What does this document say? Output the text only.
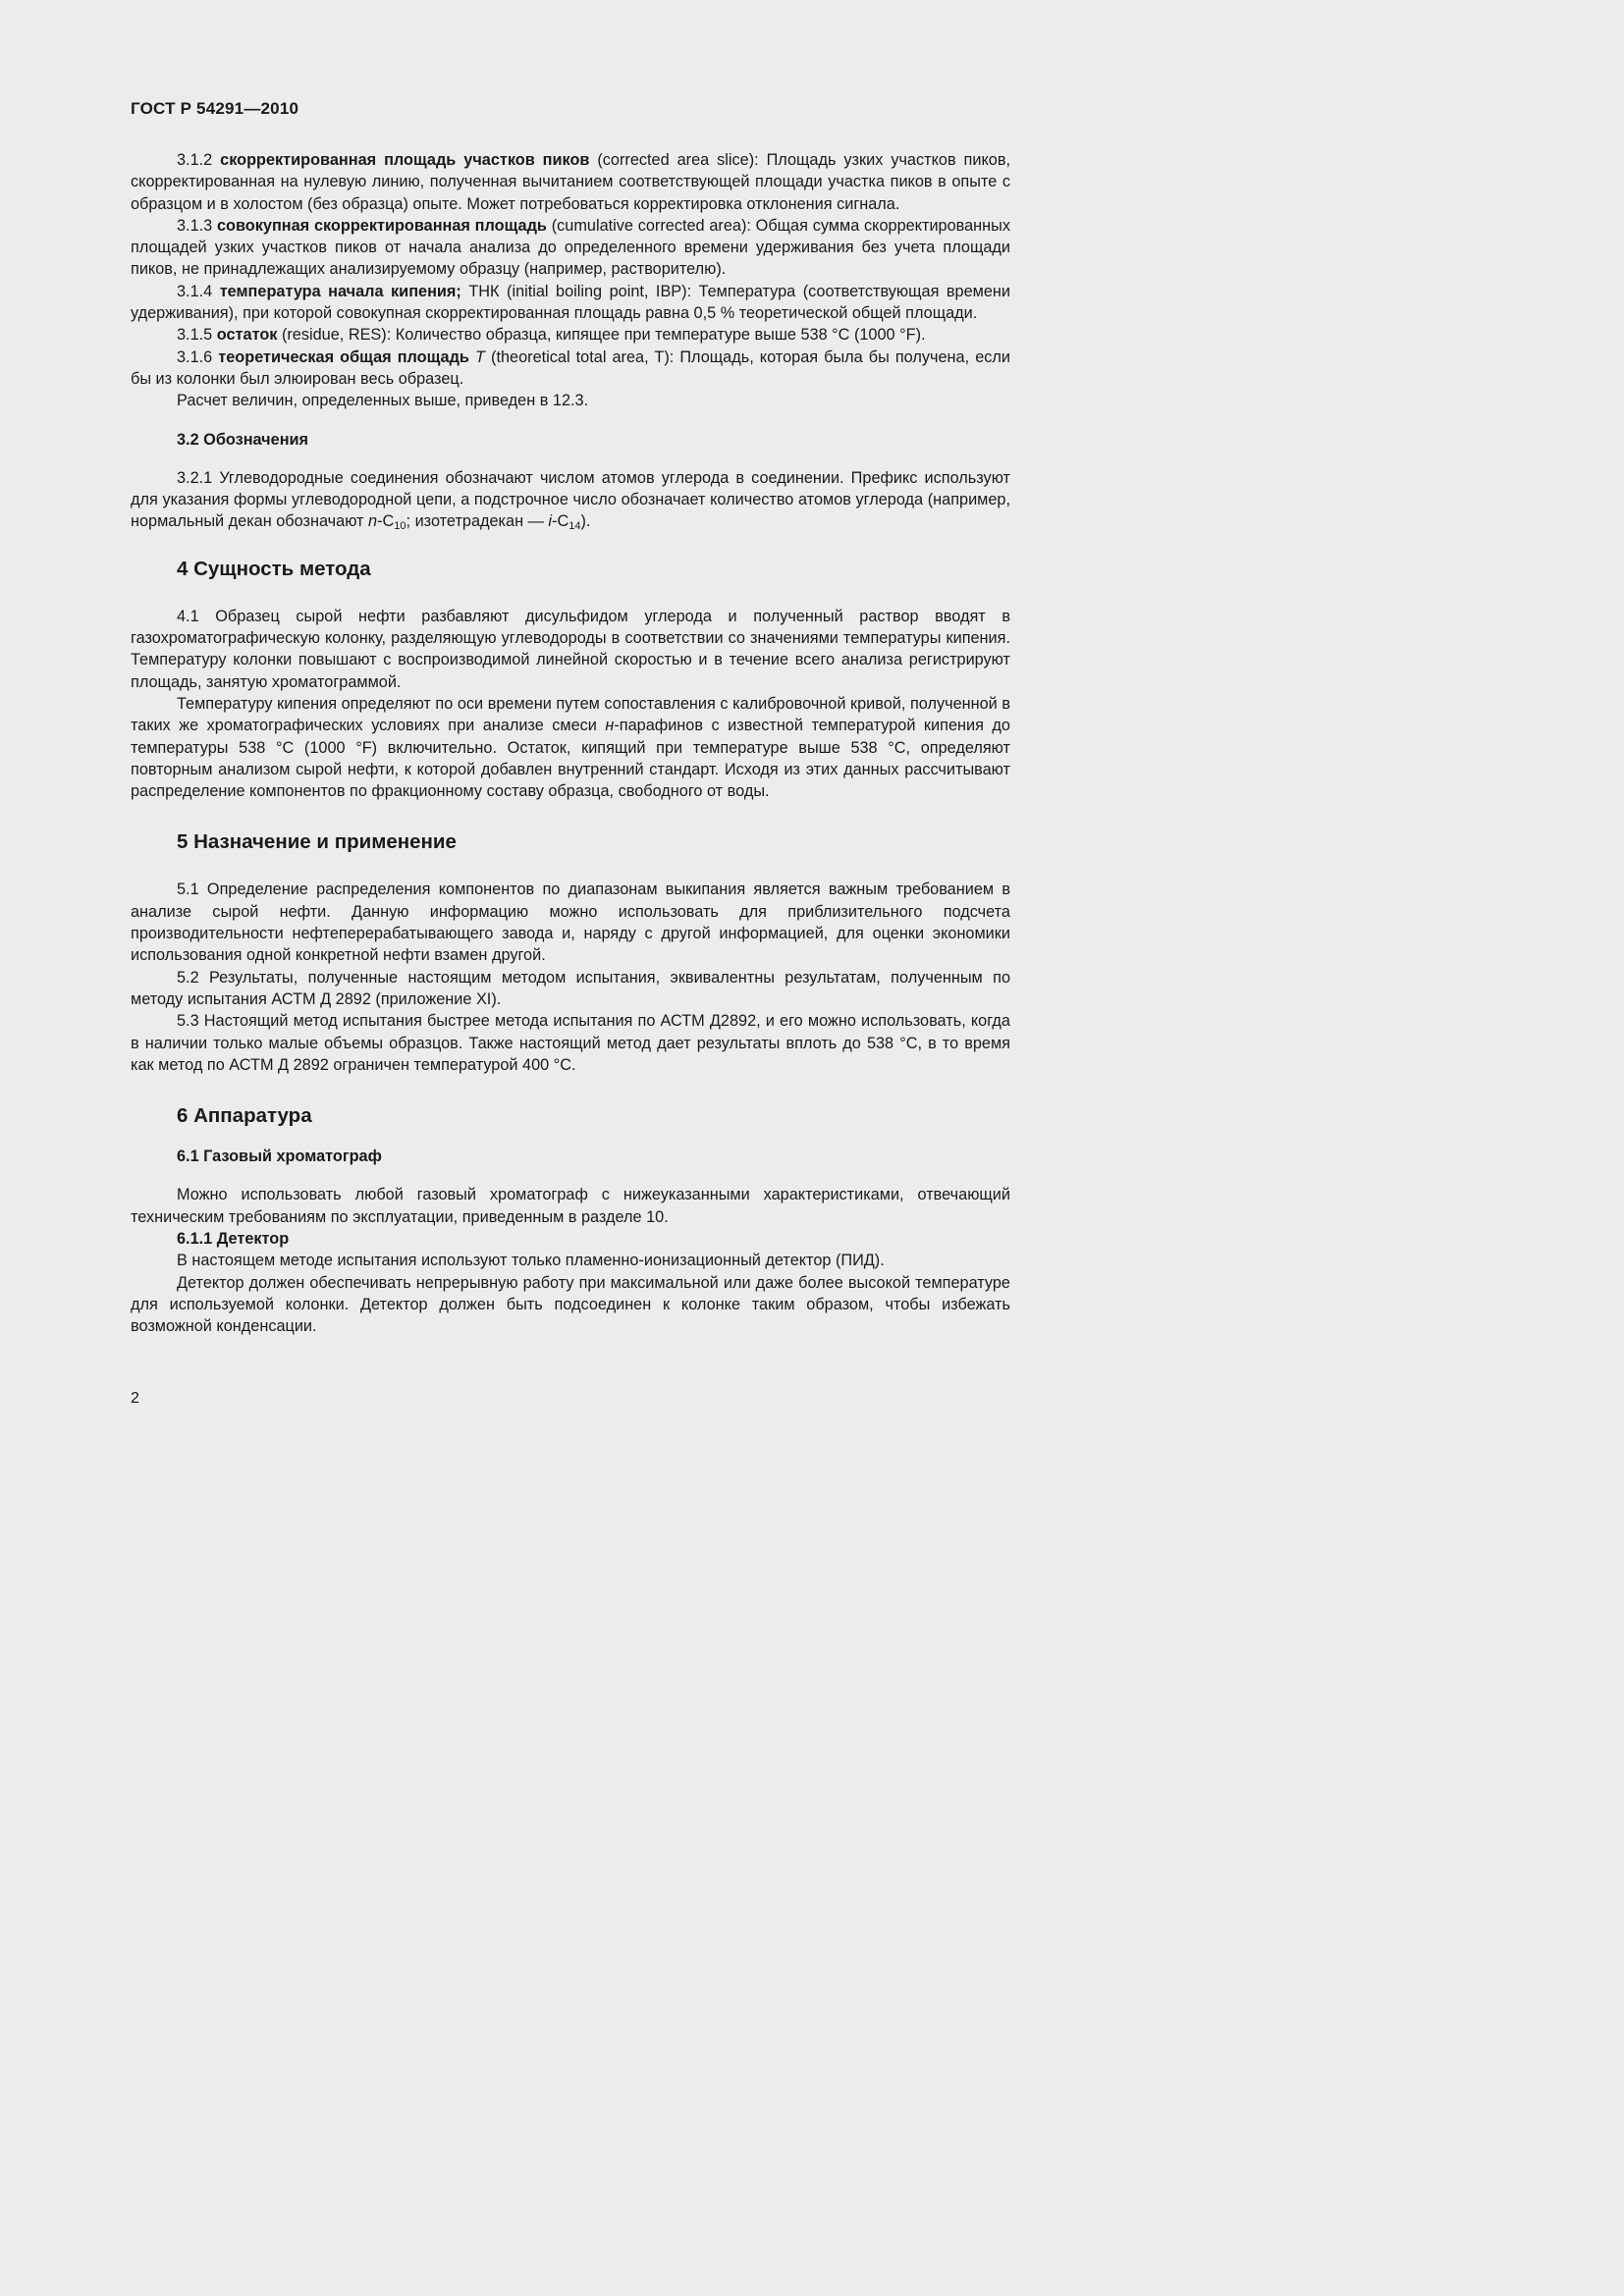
ГОСТ Р 54291—2010

3.1.2 скорректированная площадь участков пиков (corrected area slice): Площадь узких участков пиков, скорректированная на нулевую линию, полученная вычитанием соответствующей площади участка пиков в опыте с образцом и в холостом (без образца) опыте. Может потребоваться корректировка отклонения сигнала.

3.1.3 совокупная скорректированная площадь (cumulative corrected area): Общая сумма скорректированных площадей узких участков пиков от начала анализа до определенного времени удерживания без учета площади пиков, не принадлежащих анализируемому образцу (например, растворителю).

3.1.4 температура начала кипения; ТНК (initial boiling point, IBP): Температура (соответствующая времени удерживания), при которой совокупная скорректированная площадь равна 0,5 % теоретической общей площади.

3.1.5 остаток (residue, RES): Количество образца, кипящее при температуре выше 538 °С (1000 °F).

3.1.6 теоретическая общая площадь T (theoretical total area, T): Площадь, которая была бы получена, если бы из колонки был элюирован весь образец.

Расчет величин, определенных выше, приведен в 12.3.

3.2 Обозначения

3.2.1 Углеводородные соединения обозначают числом атомов углерода в соединении. Префикс используют для указания формы углеводородной цепи, а подстрочное число обозначает количество атомов углерода (например, нормальный декан обозначают $n-C_{10}$; изотетрадекан — $i-C_{14}$).

4 Сущность метода

4.1 Образец сырой нефти разбавляют дисульфидом углерода и полученный раствор вводят в газохроматографическую колонку, разделяющую углеводороды в соответствии со значениями температуры кипения. Температуру колонки повышают с воспроизводимой линейной скоростью и в течение всего анализа регистрируют площадь, занятую хроматограммой.

Температуру кипения определяют по оси времени путем сопоставления с калибровочной кривой, полученной в таких же хроматографических условиях при анализе смеси н-парафинов с известной температурой кипения до температуры 538 °С (1000 °F) включительно. Остаток, кипящий при температуре выше 538 °С, определяют повторным анализом сырой нефти, к которой добавлен внутренний стандарт. Исходя из этих данных рассчитывают распределение компонентов по фракционному составу образца, свободного от воды.

5 Назначение и применение

5.1 Определение распределения компонентов по диапазонам выкипания является важным требованием в анализе сырой нефти. Данную информацию можно использовать для приблизительного подсчета производительности нефтеперерабатывающего завода и, наряду с другой информацией, для оценки экономики использования одной конкретной нефти взамен другой.

5.2 Результаты, полученные настоящим методом испытания, эквивалентны результатам, полученным по методу испытания АСТМ Д 2892 (приложение XI).

5.3 Настоящий метод испытания быстрее метода испытания по АСТМ Д2892, и его можно использовать, когда в наличии только малые объемы образцов. Также настоящий метод дает результаты вплоть до 538 °С, в то время как метод по АСТМ Д 2892 ограничен температурой 400 °С.

6 Аппаратура
6.1 Газовый хроматограф

Можно использовать любой газовый хроматограф с нижеуказанными характеристиками, отвечающий техническим требованиям по эксплуатации, приведенным в разделе 10.

6.1.1 Детектор

В настоящем методе испытания используют только пламенно-ионизационный детектор (ПИД).

Детектор должен обеспечивать непрерывную работу при максимальной или даже более высокой температуре для используемой колонки. Детектор должен быть подсоединен к колонке таким образом, чтобы избежать возможной конденсации.

2
